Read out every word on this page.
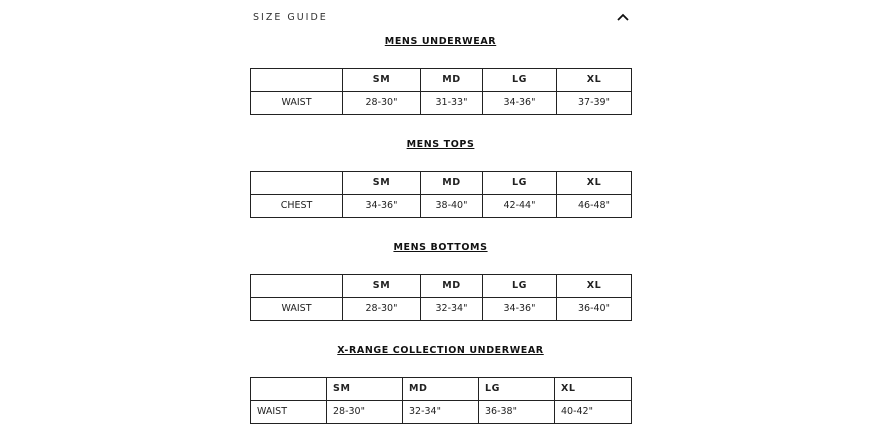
SIZE GUIDE
MENS UNDERWEAR
	SM	MD	LG	XL
WAIST	28-30"	31-33"	34-36"	37-39"
MENS TOPS
	SM	MD	LG	XL
CHEST	34-36"	38-40"	42-44"	46-48"
MENS BOTTOMS
	SM	MD	LG	XL
WAIST	28-30"	32-34"	34-36"	36-40"
X-RANGE COLLECTION UNDERWEAR
	SM	MD	LG	XL
WAIST	28-30"	32-34"	36-38"	40-42"
